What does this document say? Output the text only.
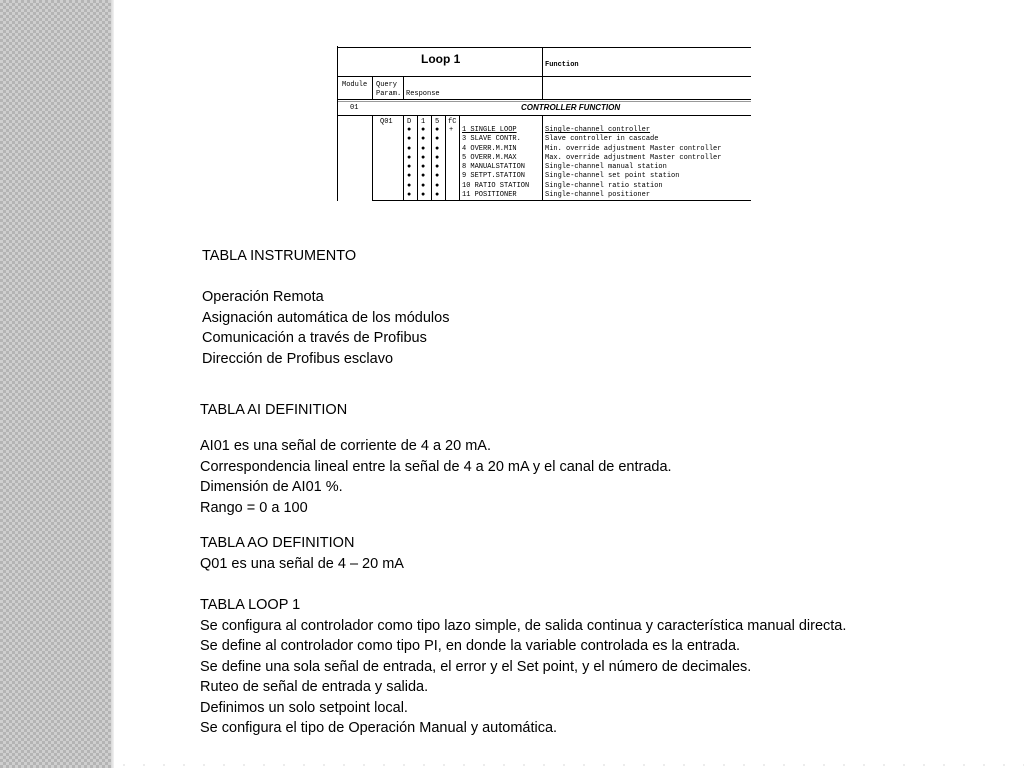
Loop 1	Function
Module Query
Param. Response
01	CONTROLLER FUNCTION
Q01 D 1 5 fC
●
●
●
●
●
●
●
●
●
●
●
●
●
●
●
●
●
●
●
●
●
●
●
●
+ 1 SINGLE LOOP
3 SLAVE CONTR.
4 OVERR.M.MIN
5 OVERR.M.MAX
8 MANUALSTATION
9 SETPT.STATION
10 RATIO STATION
11 POSITIONER
Single-channel controller
Slave controller in cascade
Min. override adjustment Master controller
Max. override adjustment Master controller
Single-channel manual station
Single-channel set point station
Single-channel ratio station
Single-channel positioner
TABLA INSTRUMENTO
Operación Remota
Asignación automática de los módulos
Comunicación a través de Profibus
Dirección de Profibus esclavo
TABLA AI DEFINITION
AI01 es una señal de corriente de 4 a 20 mA.
Correspondencia lineal entre la señal de 4 a 20 mA y el canal de entrada.
Dimensión de AI01 %.
Rango = 0 a 100
TABLA AO DEFINITION
Q01 es una señal de 4 – 20 mA
TABLA LOOP 1
Se configura al controlador como tipo lazo simple, de salida continua y característica manual directa.
Se define al controlador como tipo PI, en donde la variable controlada es la entrada.
Se define una sola señal de entrada, el error y el Set point, y el número de decimales.
Ruteo de señal de entrada y salida.
Definimos un solo setpoint local.
Se configura el tipo de Operación Manual y automática.
